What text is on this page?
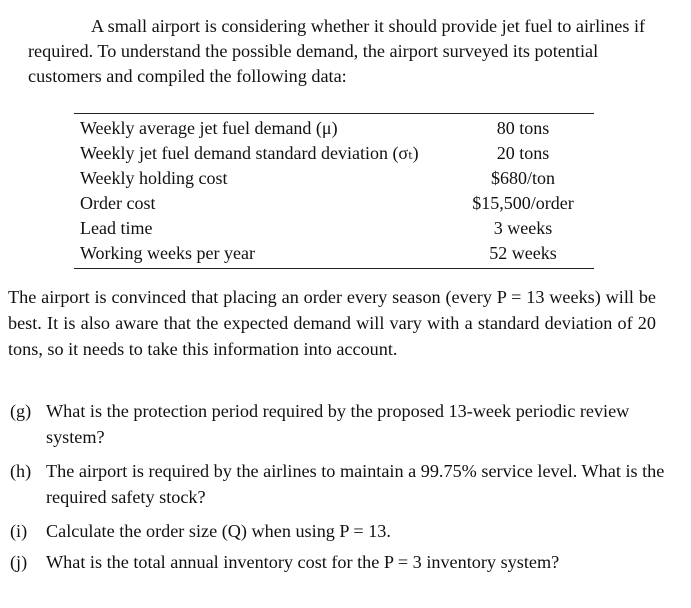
A small airport is considering whether it should provide jet fuel to airlines if required. To understand the possible demand, the airport surveyed its potential customers and compiled the following data:

Weekly average jet fuel demand (μ)	80 tons
Weekly jet fuel demand standard deviation (σₜ)	20 tons
Weekly holding cost	$680/ton
Order cost	$15,500/order
Lead time	3 weeks
Working weeks per year	52 weeks

The airport is convinced that placing an order every season (every P = 13 weeks) will be best. It is also aware that the expected demand will vary with a standard deviation of 20 tons, so it needs to take this information into account.

(g) What is the protection period required by the proposed 13-week periodic review system?
(h) The airport is required by the airlines to maintain a 99.75% service level. What is the required safety stock?
(i) Calculate the order size (Q) when using P = 13.
(j) What is the total annual inventory cost for the P = 3 inventory system?
